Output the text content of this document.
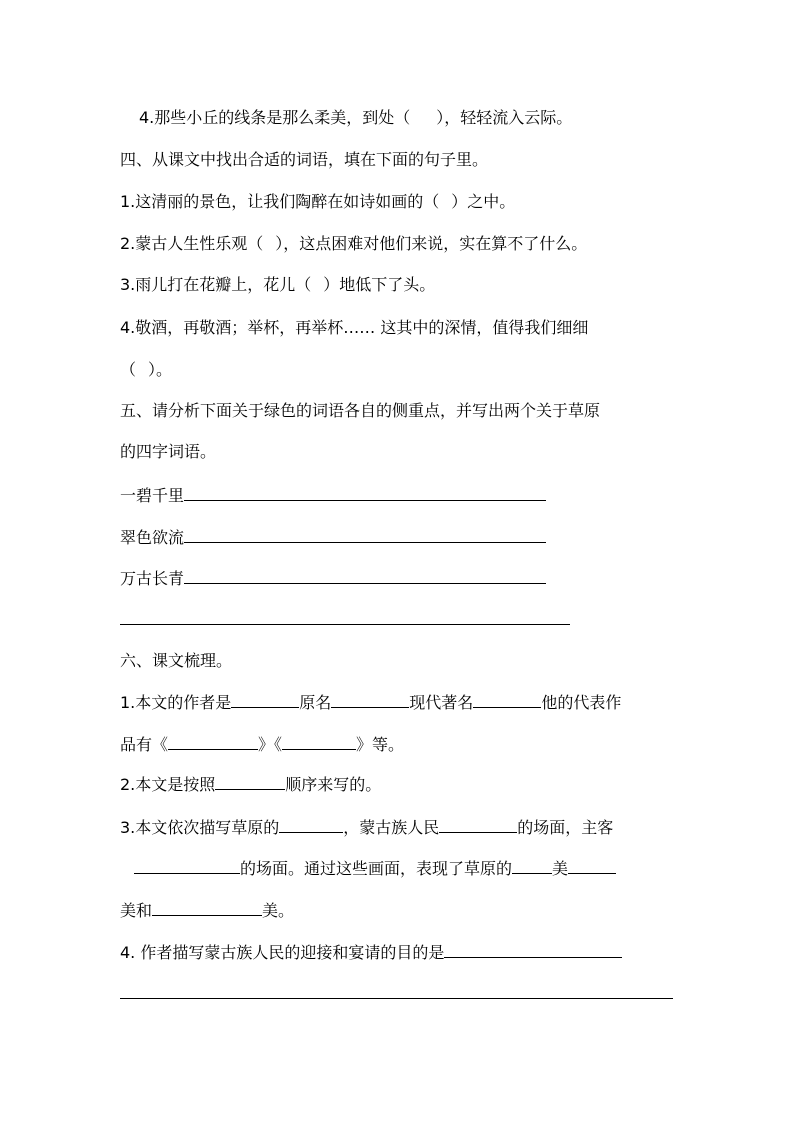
4.那些小丘的线条是那么柔美，到处（ ），轻轻流入云际。
四、从课文中找出合适的词语，填在下面的句子里。
1.这清丽的景色，让我们陶醉在如诗如画的（ ）之中。
2.蒙古人生性乐观（ ），这点困难对他们来说，实在算不了什么。
3.雨儿打在花瓣上，花儿（ ）地低下了头。
4.敬酒，再敬酒；举杯，再举杯…… 这其中的深情，值得我们细细
（ ）。
五、请分析下面关于绿色的词语各自的侧重点，并写出两个关于草原
的四字词语。
一碧千里
翠色欲流
万古长青
六、课文梳理。
1.本文的作者是	原名	现代著名	他的代表作
品有《	》《	》等。
2.本文是按照	顺序来写的。
3.本文依次描写草原的	，蒙古族人民	的场面，主客
的场面。通过这些画面，表现了草原的	美
美和	美。
4. 作者描写蒙古族人民的迎接和宴请的目的是
